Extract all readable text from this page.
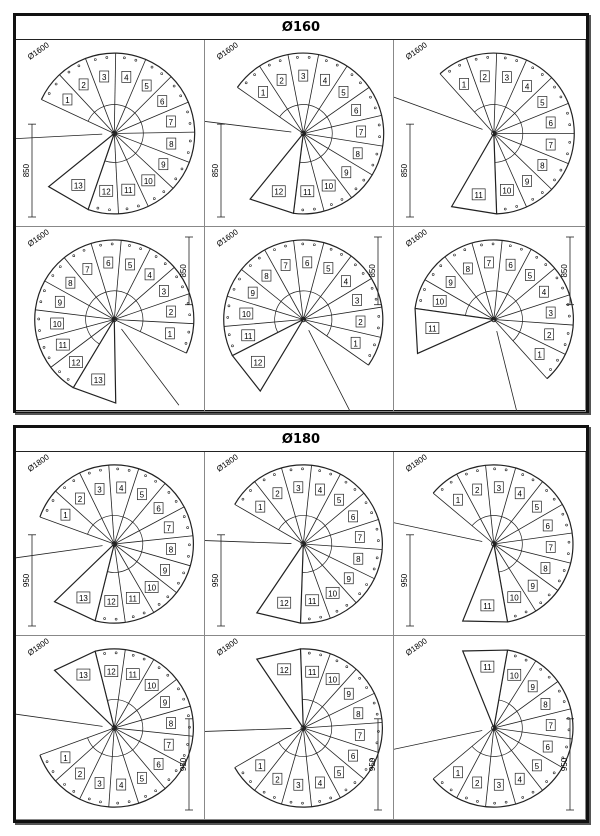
Ø160
1
2
3 4
5
6
7
8
9
10
11
12
13
Ø1600
850
1
2 3 4
5
6
7
8
9
10
11
12
Ø1600
850
1
2 3
4
5
6
7
8
9
10
11
Ø1600
850
1
2
3
4
5
6
7
8
9
10
11
12
13
Ø1600
850
1
2
3
4
5
6
7
8
9
10
11
12
Ø1600
850
1
2
3
4
5
6
7
8
9
10
11
Ø1600
850
Ø180
1
2
3 4
5
6
7
8
9
10
11
12
13
Ø1800
950
1
2
3 4
5
6
7
8
9
10
11
12
Ø1800
950
1
2 3
4
5
6
7
8
9
10
11
Ø1800
950
1
2
3 4
5
6
7
8
9
10
11
12
13
Ø1800
950	1
2
3 4
5
6
7
8
9
10
11
12
Ø1800
950
1
2 3
4
5
6
7
8
9
10
11
Ø1800
950
